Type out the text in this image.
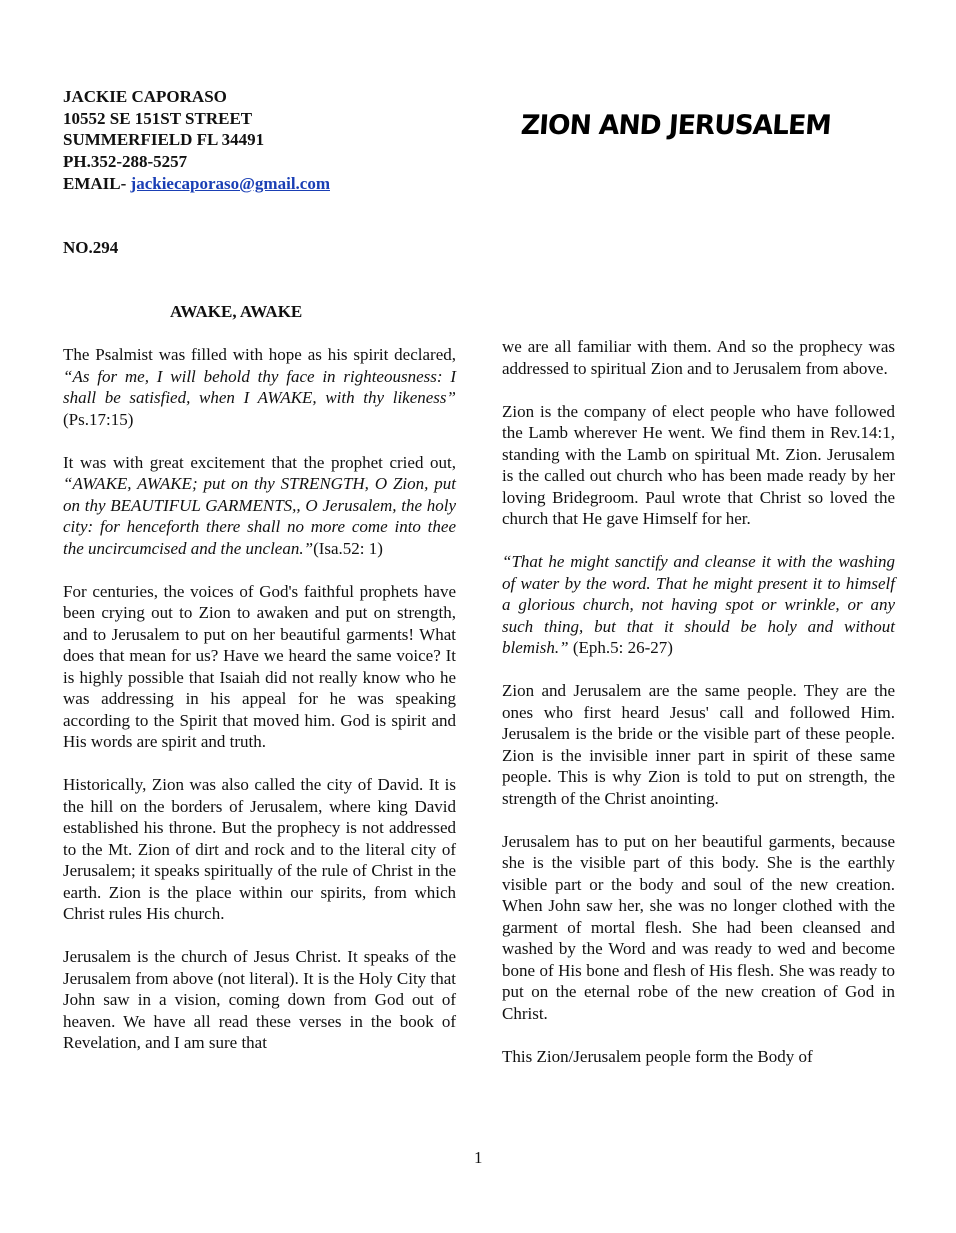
JACKIE CAPORASO
10552 SE 151ST STREET
SUMMERFIELD FL 34491
PH.352-288-5257
EMAIL- jackiecaporaso@gmail.com
ZION AND JERUSALEM
NO.294
AWAKE, AWAKE

The Psalmist was filled with hope as his spirit declared, “As for me, I will behold thy face in righteousness: I shall be satisfied, when I AWAKE, with thy likeness” (Ps.17:15)

It was with great excitement that the prophet cried out, “AWAKE, AWAKE; put on thy STRENGTH, O Zion, put on thy BEAUTIFUL GARMENTS,, O Jerusalem, the holy city: for henceforth there shall no more come into thee the uncircumcised and the unclean.”(Isa.52: 1)

For centuries, the voices of God's faithful prophets have been crying out to Zion to awaken and put on strength, and to Jerusalem to put on her beautiful garments! What does that mean for us? Have we heard the same voice? It is highly possible that Isaiah did not really know who he was addressing in his appeal for he was speaking according to the Spirit that moved him. God is spirit and His words are spirit and truth.

Historically, Zion was also called the city of David. It is the hill on the borders of Jerusalem, where king David established his throne. But the prophecy is not addressed to the Mt. Zion of dirt and rock and to the literal city of Jerusalem; it speaks spiritually of the rule of Christ in the earth. Zion is the place within our spirits, from which Christ rules His church.

Jerusalem is the church of Jesus Christ. It speaks of the Jerusalem from above (not literal). It is the Holy City that John saw in a vision, coming down from God out of heaven. We have all read these verses in the book of Revelation, and I am sure that

we are all familiar with them. And so the prophecy was addressed to spiritual Zion and to Jerusalem from above.

Zion is the company of elect people who have followed the Lamb wherever He went. We find them in Rev.14:1, standing with the Lamb on spiritual Mt. Zion. Jerusalem is the called out church who has been made ready by her loving Bridegroom. Paul wrote that Christ so loved the church that He gave Himself for her.

“That he might sanctify and cleanse it with the washing of water by the word. That he might present it to himself a glorious church, not having spot or wrinkle, or any such thing, but that it should be holy and without blemish.” (Eph.5: 26-27)

Zion and Jerusalem are the same people. They are the ones who first heard Jesus' call and followed Him. Jerusalem is the bride or the visible part of these people. Zion is the invisible inner part in spirit of these same people. This is why Zion is told to put on strength, the strength of the Christ anointing.

Jerusalem has to put on her beautiful garments, because she is the visible part of this body. She is the earthly visible part or the body and soul of the new creation. When John saw her, she was no longer clothed with the garment of mortal flesh. She had been cleansed and washed by the Word and was ready to wed and become bone of His bone and flesh of His flesh. She was ready to put on the eternal robe of the new creation of God in Christ.

This Zion/Jerusalem people form the Body of

1
